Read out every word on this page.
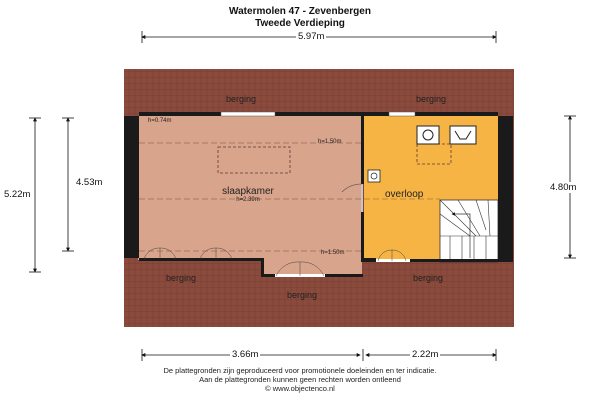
Watermolen 47 - Zevenbergen
Tweede Verdieping
5.97m
5.22m
4.53m	4.80m
3.66m	2.22m
berging	berging
berging
berging
berging
slaapkamer
h=2.39m	overloop
h=0.74m
h=1.50m
h=1.50m
De plattegronden zijn geproduceerd voor promotionele doeleinden en ter indicatie.
Aan de plattegronden kunnen geen rechten worden ontleend
© www.objectenco.nl
